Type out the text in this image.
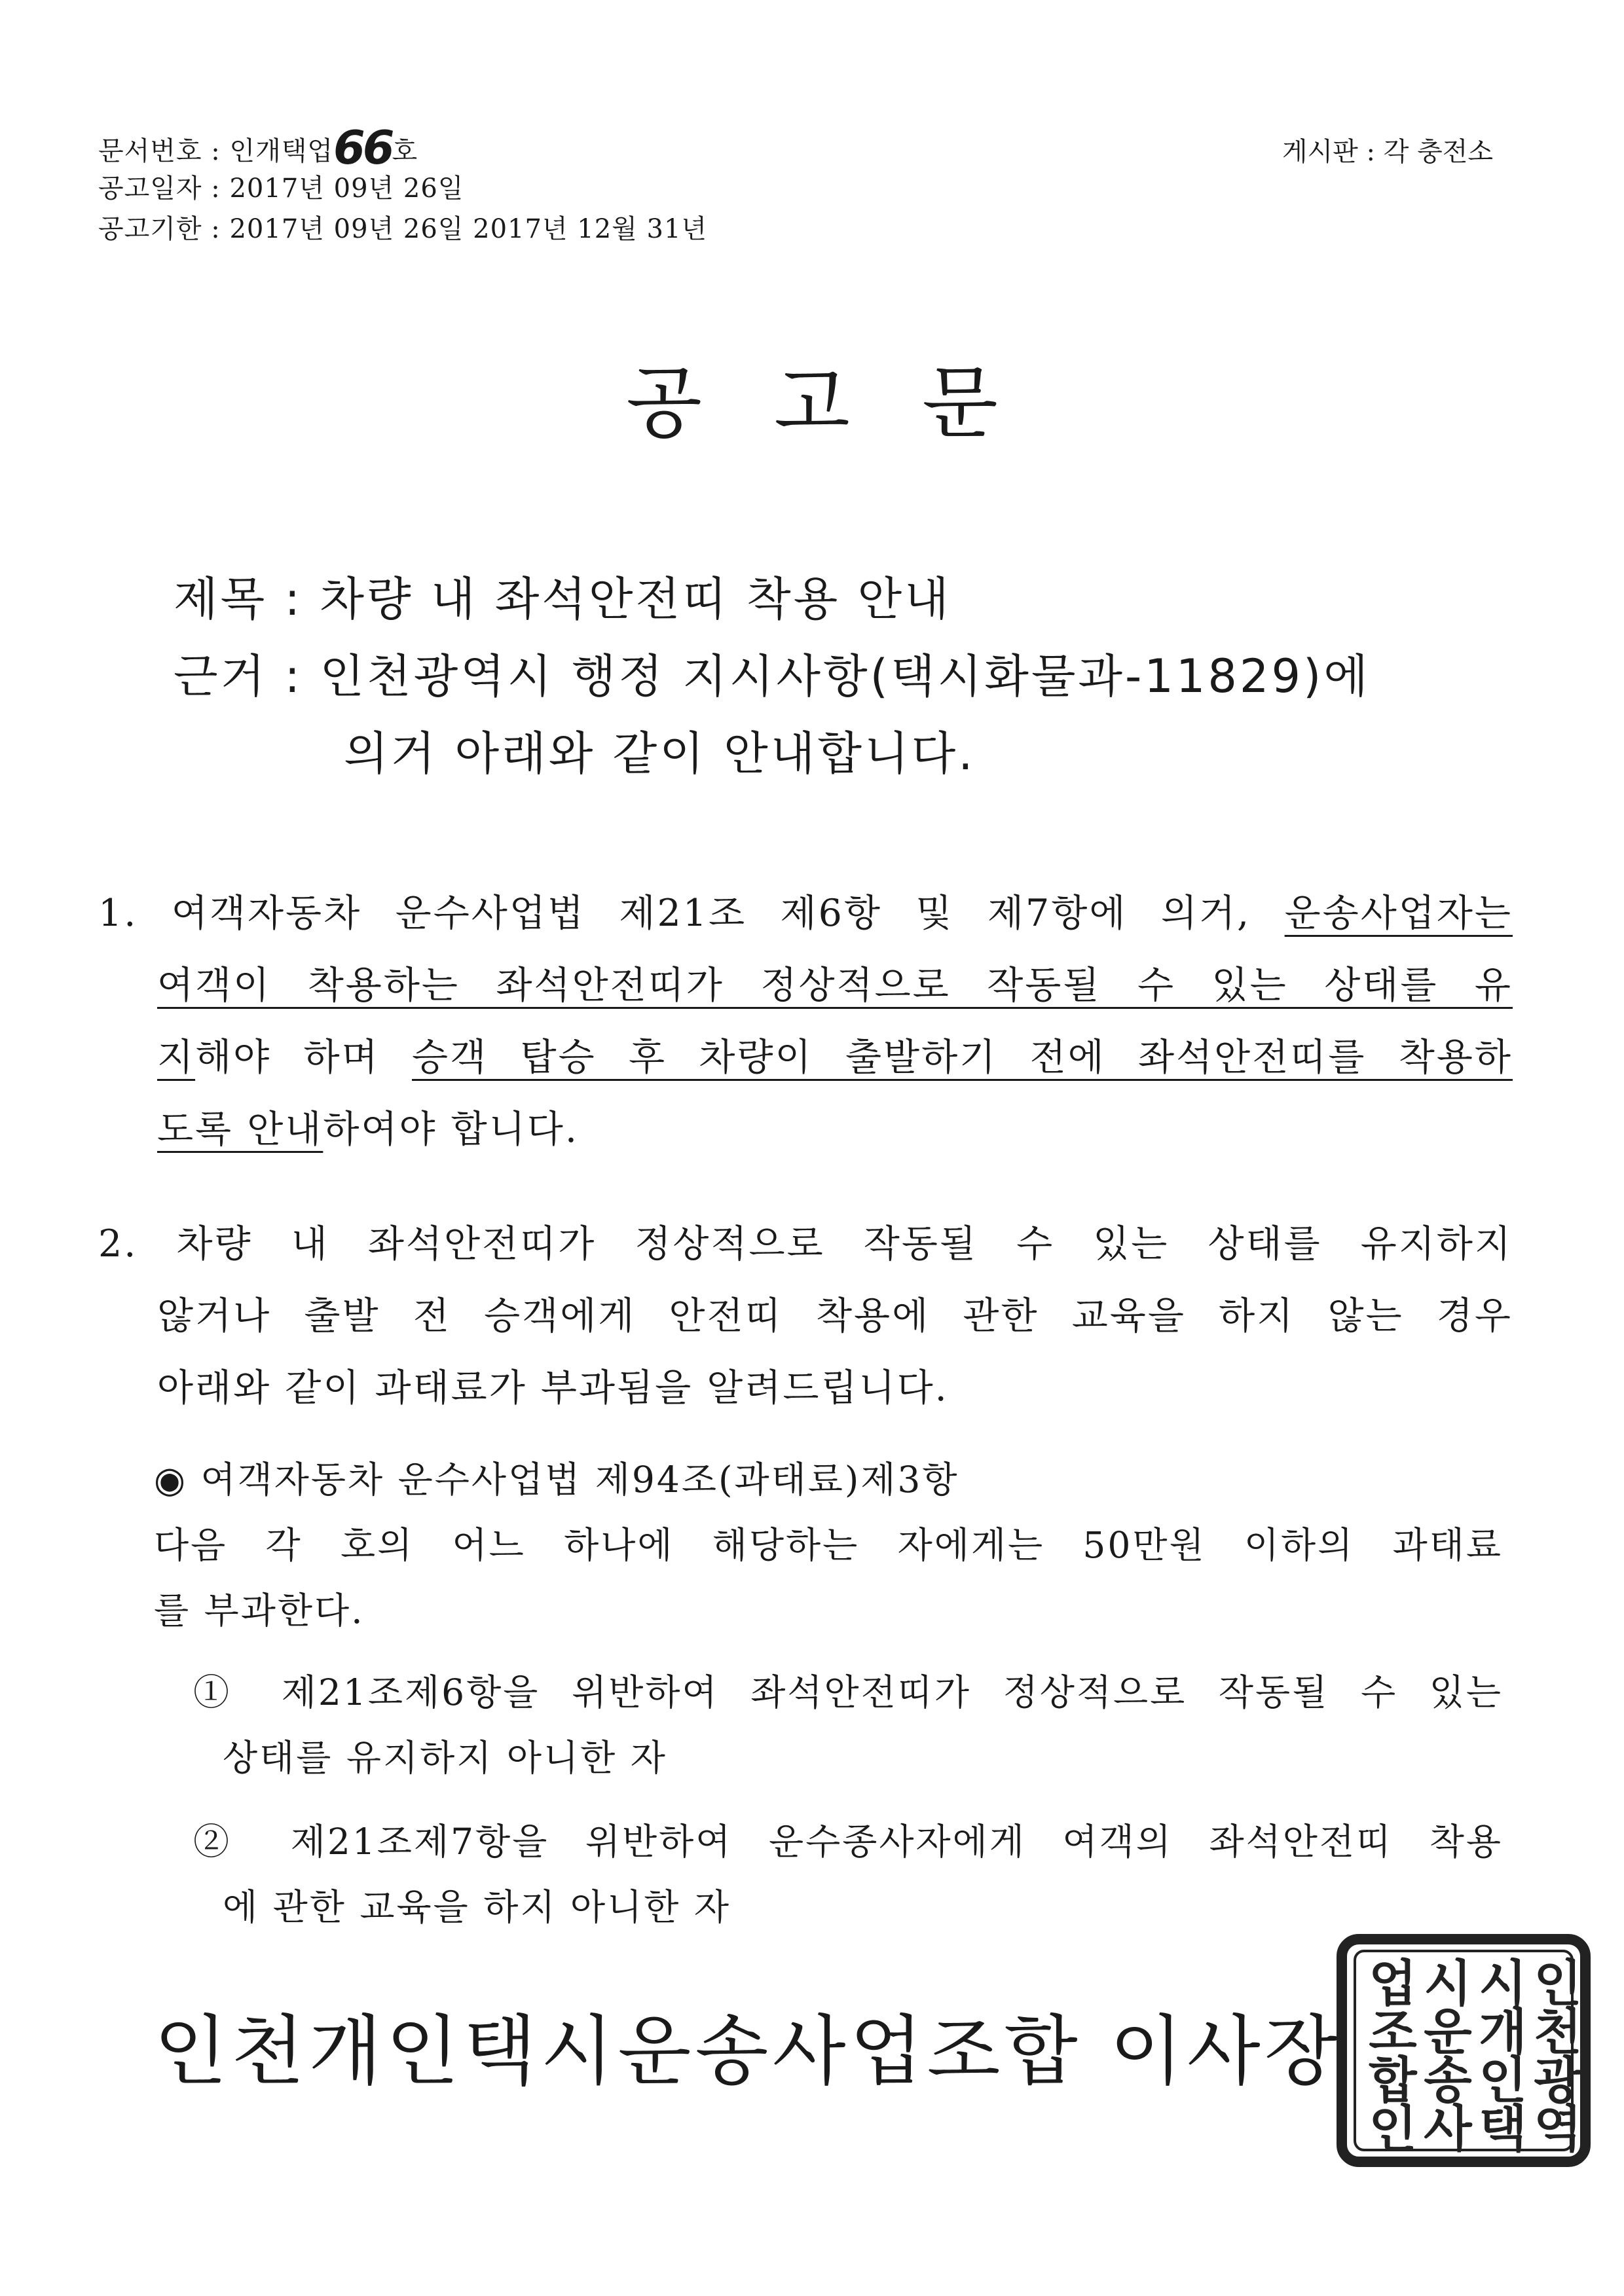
문서번호 : 인개택업66호
공고일자 : 2017년 09년 26일
공고기한 : 2017년 09년 26일 2017년 12월 31년
게시판 : 각 충전소
공고문
제목 : 차량 내 좌석안전띠 착용 안내
근거 : 인천광역시 행정 지시사항(택시화물과-11829)에
의거 아래와 같이 안내합니다.
1. 여객자동차 운수사업법 제21조 제6항 및 제7항에 의거, 운송사업자는
여객이 착용하는 좌석안전띠가 정상적으로 작동될 수 있는 상태를 유
지해야 하며 승객 탑승 후 차량이 출발하기 전에 좌석안전띠를 착용하
도록 안내하여야 합니다.
2. 차량 내 좌석안전띠가 정상적으로 작동될 수 있는 상태를 유지하지
않거나 출발 전 승객에게 안전띠 착용에 관한 교육을 하지 않는 경우
아래와 같이 과태료가 부과됨을 알려드립니다.
◉ 여객자동차 운수사업법 제94조(과태료)제3항
다음 각 호의 어느 하나에 해당하는 자에게는 50만원 이하의 과태료
를 부과한다.
① 제21조제6항을 위반하여 좌석안전띠가 정상적으로 작동될 수 있는
상태를 유지하지 아니한 자
② 제21조제7항을 위반하여 운수종사자에게 여객의 좌석안전띠 착용
에 관한 교육을 하지 아니한 자
인천개인택시운송사업조합 이사장
인
천
광
역
시
개
인
택
시
운
송
사
업
조
합
인
